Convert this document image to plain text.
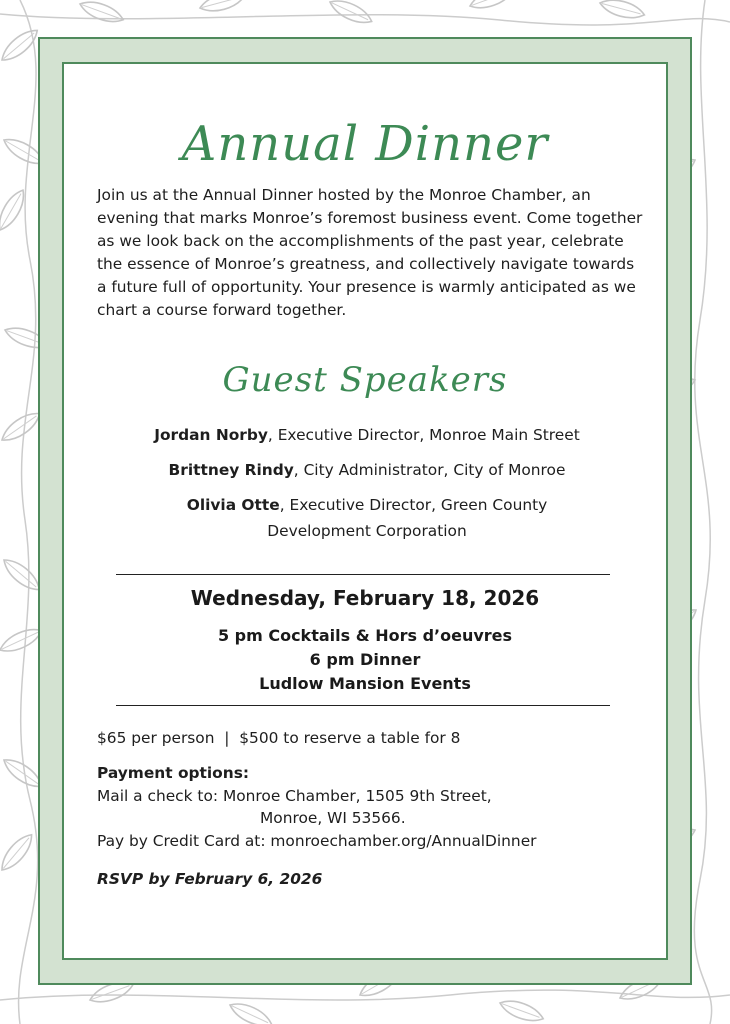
Annual Dinner

Join us at the Annual Dinner hosted by the Monroe Chamber, an evening that marks Monroe’s foremost business event. Come together as we look back on the accomplishments of the past year, celebrate the essence of Monroe’s greatness, and collectively navigate towards a future full of opportunity. Your presence is warmly anticipated as we chart a course forward together.

Guest Speakers

Jordan Norby, Executive Director, Monroe Main Street

Brittney Rindy, City Administrator, City of Monroe

Olivia Otte, Executive Director, Green County Development Corporation

Wednesday, February 18, 2026
5 pm Cocktails & Hors d’oeuvres
6 pm Dinner
Ludlow Mansion Events
$65 per person  |  $500 to reserve a table for 8
Payment options:
Mail a check to: Monroe Chamber, 1505 9th Street,
Monroe, WI 53566.
Pay by Credit Card at: monroechamber.org/AnnualDinner
RSVP by February 6, 2026
